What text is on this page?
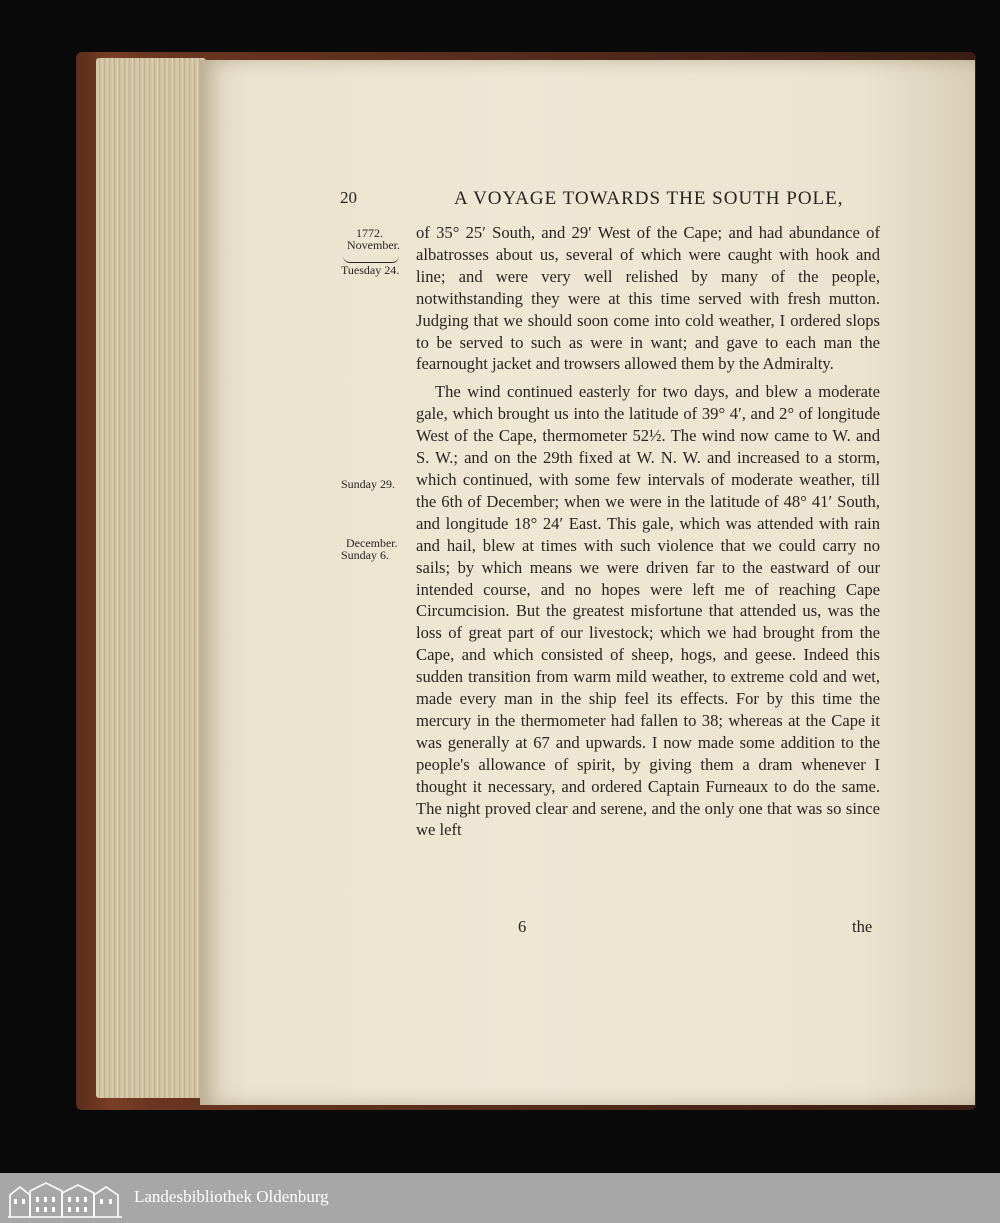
20	A VOYAGE TOWARDS THE SOUTH POLE,
1772.
November.
Tuesday 24.
Sunday 29.
December.
Sunday 6.

of 35° 25′ South, and 29′ West of the Cape; and had abundance of albatrosses about us, several of which were caught with hook and line; and were very well relished by many of the people, notwithstanding they were at this time served with fresh mutton. Judging that we should soon come into cold weather, I ordered slops to be served to such as were in want; and gave to each man the fearnought jacket and trowsers allowed them by the Admiralty.

The wind continued easterly for two days, and blew a moderate gale, which brought us into the latitude of 39° 4′, and 2° of longitude West of the Cape, thermometer 52½. The wind now came to W. and S. W.; and on the 29th fixed at W. N. W. and increased to a storm, which continued, with some few intervals of moderate weather, till the 6th of December; when we were in the latitude of 48° 41′ South, and longitude 18° 24′ East. This gale, which was attended with rain and hail, blew at times with such violence that we could carry no sails; by which means we were driven far to the eastward of our intended course, and no hopes were left me of reaching Cape Circumcision. But the greatest misfortune that attended us, was the loss of great part of our livestock; which we had brought from the Cape, and which consisted of sheep, hogs, and geese. Indeed this sudden transition from warm mild weather, to extreme cold and wet, made every man in the ship feel its effects. For by this time the mercury in the thermometer had fallen to 38; whereas at the Cape it was generally at 67 and upwards. I now made some addition to the people's allowance of spirit, by giving them a dram whenever I thought it necessary, and ordered Captain Furneaux to do the same. The night proved clear and serene, and the only one that was so since we left

6	the
Landesbibliothek Oldenburg
